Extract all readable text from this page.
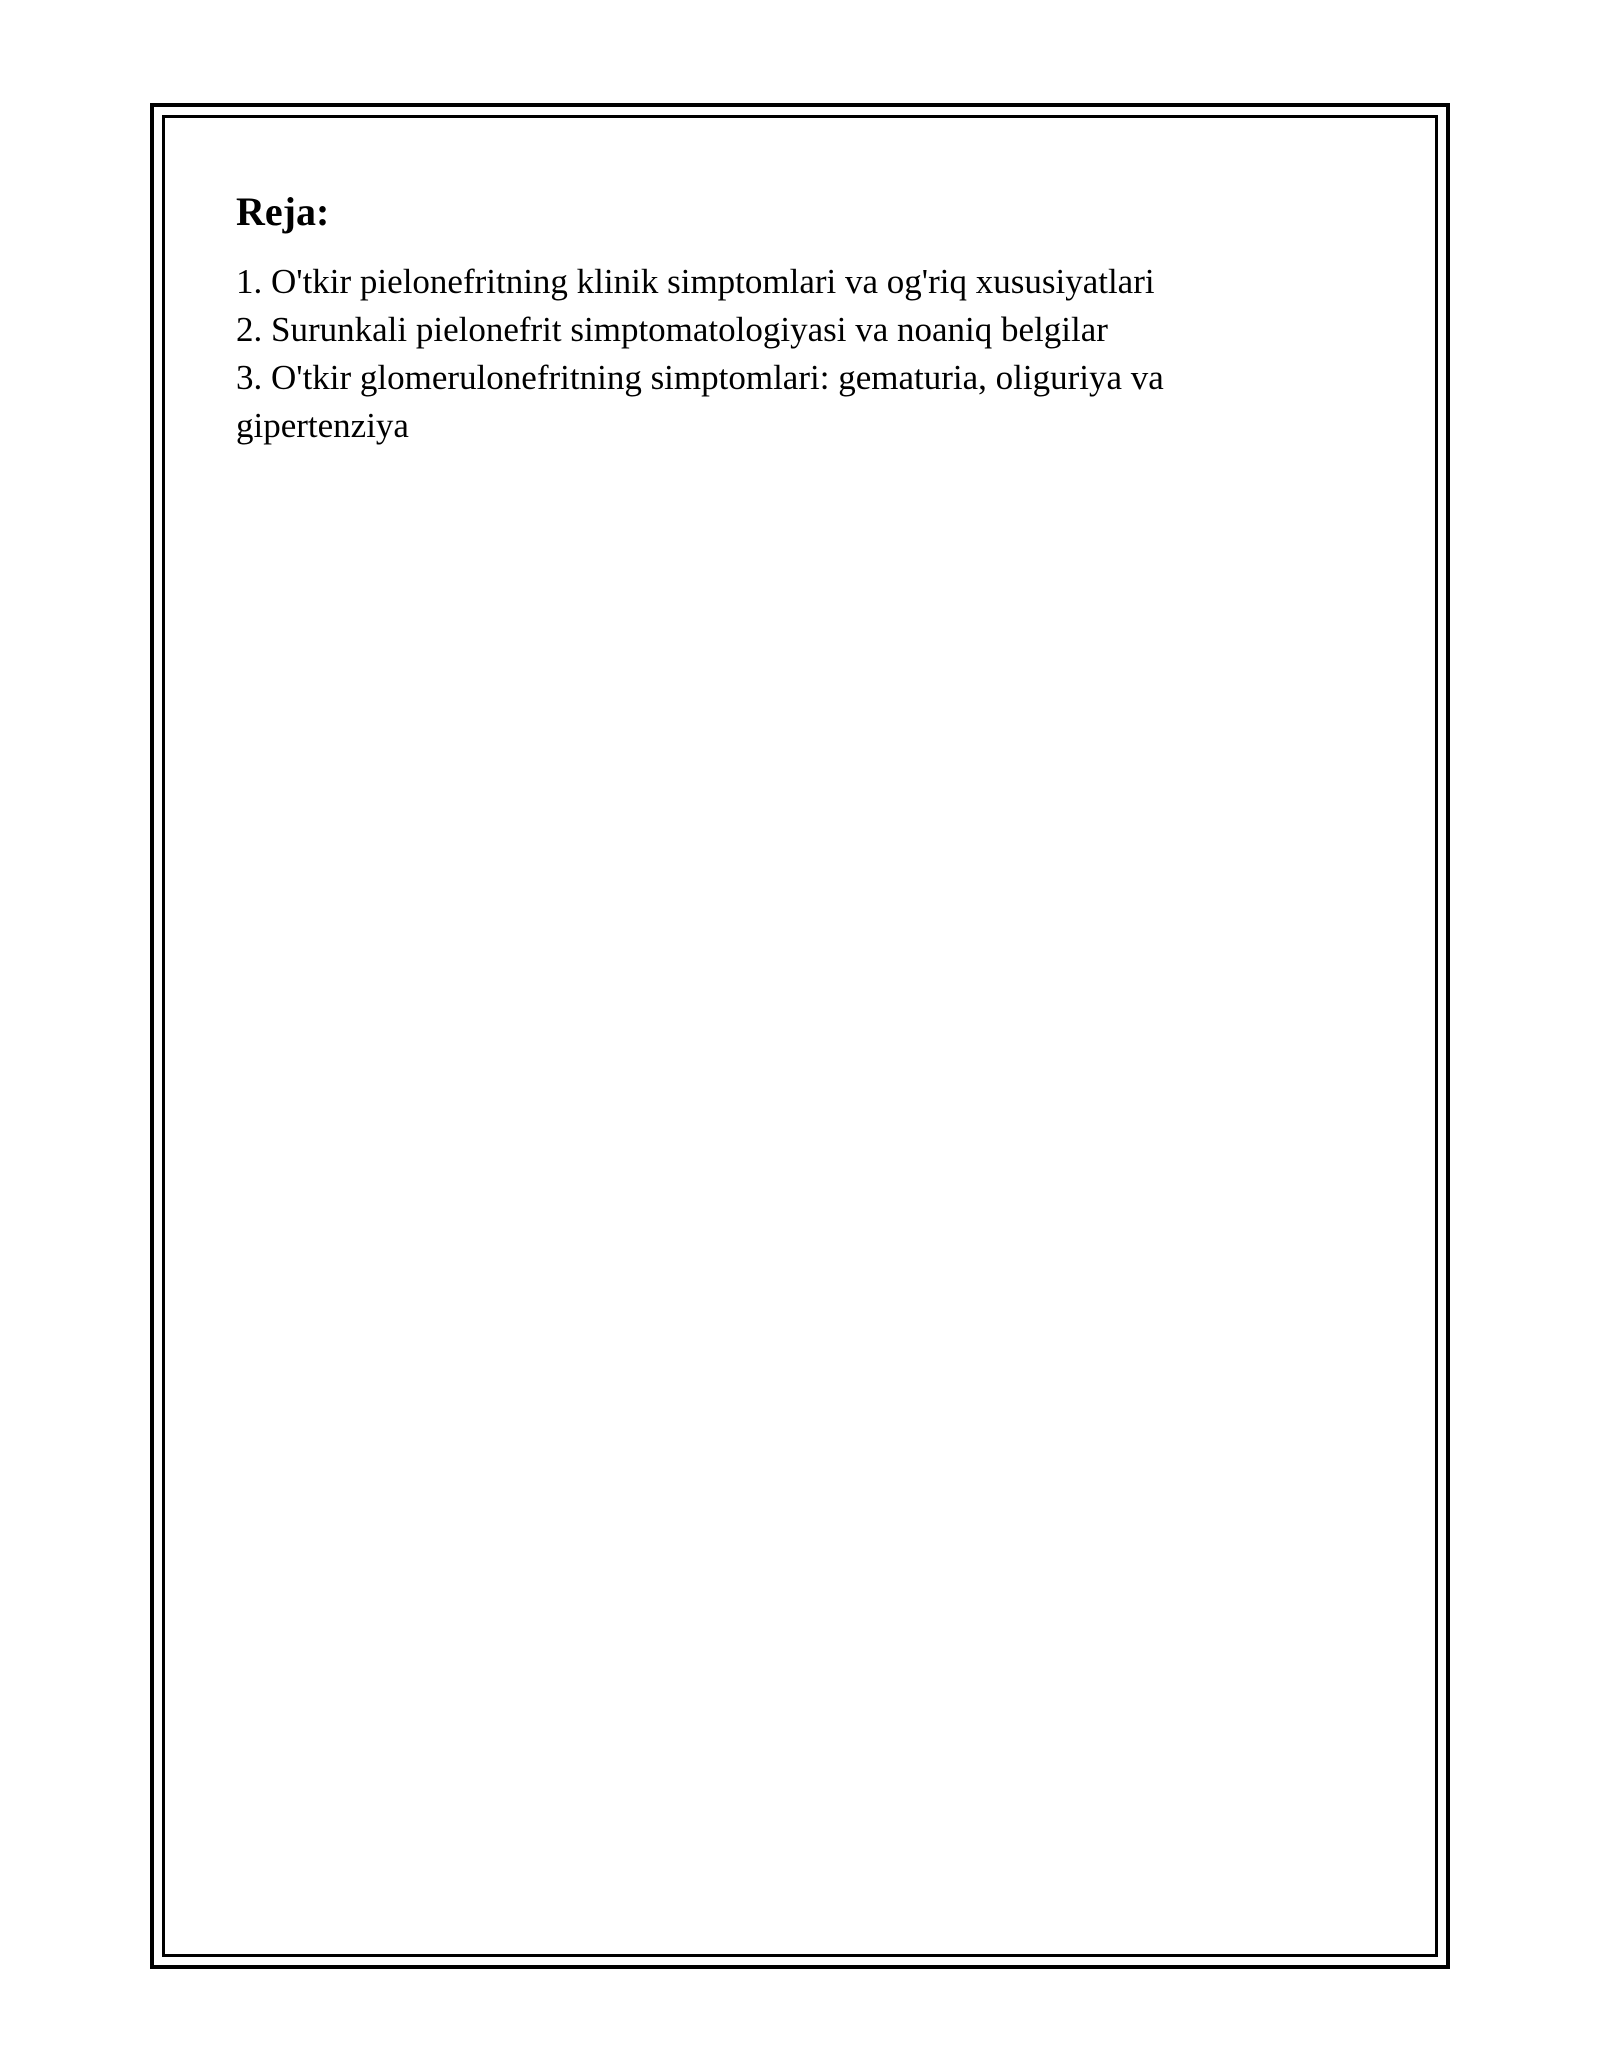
Reja:
1. O'tkir pielonefritning klinik simptomlari va og'riq xususiyatlari
2. Surunkali pielonefrit simptomatologiyasi va noaniq belgilar
3. O'tkir glomerulonefritning simptomlari: gematuria, oliguriya va gipertenziya
